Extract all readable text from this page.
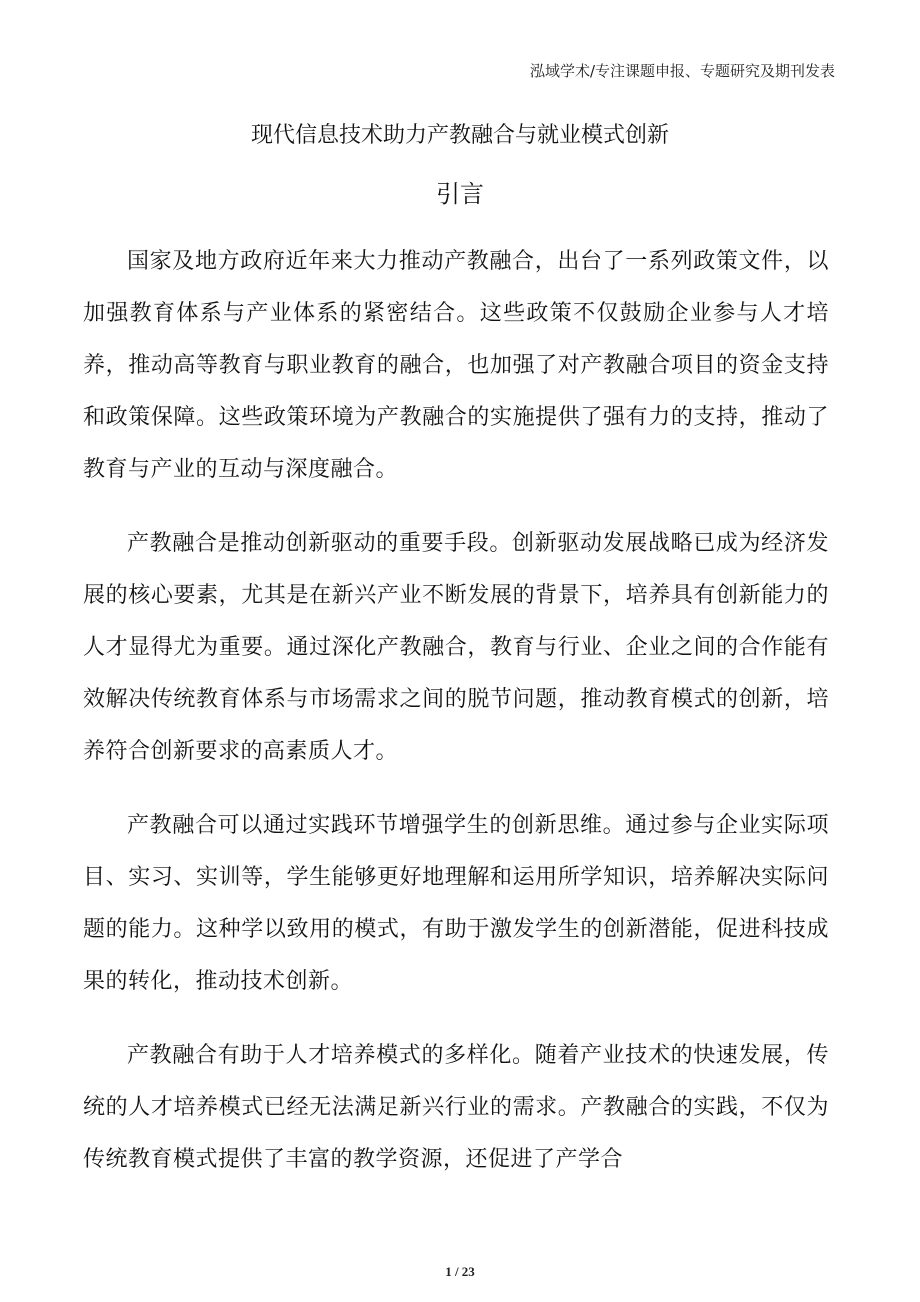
泓域学术/专注课题申报、专题研究及期刊发表
现代信息技术助力产教融合与就业模式创新
引言

国家及地方政府近年来大力推动产教融合，出台了一系列政策文件，以加强教育体系与产业体系的紧密结合。这些政策不仅鼓励企业参与人才培养，推动高等教育与职业教育的融合，也加强了对产教融合项目的资金支持和政策保障。这些政策环境为产教融合的实施提供了强有力的支持，推动了教育与产业的互动与深度融合。

产教融合是推动创新驱动的重要手段。创新驱动发展战略已成为经济发展的核心要素，尤其是在新兴产业不断发展的背景下，培养具有创新能力的人才显得尤为重要。通过深化产教融合，教育与行业、企业之间的合作能有效解决传统教育体系与市场需求之间的脱节问题，推动教育模式的创新，培养符合创新要求的高素质人才。

产教融合可以通过实践环节增强学生的创新思维。通过参与企业实际项目、实习、实训等，学生能够更好地理解和运用所学知识，培养解决实际问题的能力。这种学以致用的模式，有助于激发学生的创新潜能，促进科技成果的转化，推动技术创新。

产教融合有助于人才培养模式的多样化。随着产业技术的快速发展，传统的人才培养模式已经无法满足新兴行业的需求。产教融合的实践，不仅为传统教育模式提供了丰富的教学资源，还促进了产学合

1 / 23
